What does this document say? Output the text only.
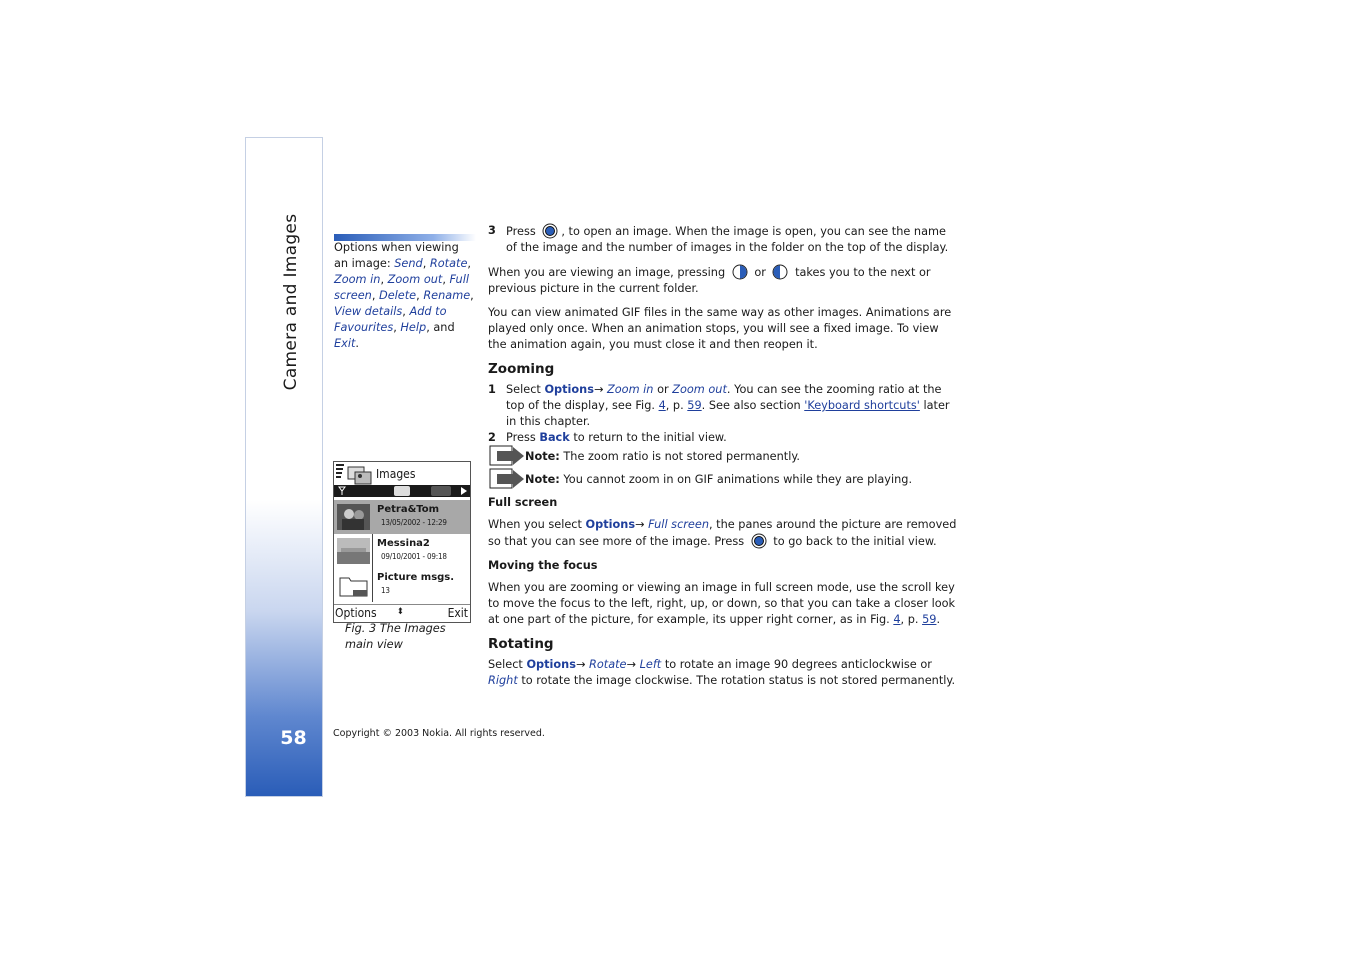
Camera and Images
58
Options when viewing an image: Send, Rotate, Zoom in, Zoom out, Full screen, Delete, Rename, View details, Add to Favourites, Help, and Exit.
Images
Petra&Tom
13/05/2002 - 12:29
Messina2
09/10/2001 - 09:18
Picture msgs.
13
Options ⬍	Exit
Fig. 3 The Images main view

3 Press , to open an image. When the image is open, you can see the name of the image and the number of images in the folder on the top of the display.

When you are viewing an image, pressing	or	takes you to the next or previous picture in the current folder.

You can view animated GIF files in the same way as other images. Animations are played only once. When an animation stops, you will see a fixed image. To view the animation again, you must close it and then reopen it.

Zooming

1 Select Options→ Zoom in or Zoom out. You can see the zooming ratio at the top of the display, see Fig. 4, p. 59. See also section 'Keyboard shortcuts' later in this chapter.

2 Press Back to return to the initial view.

Note: The zoom ratio is not stored permanently.
Note: You cannot zoom in on GIF animations while they are playing.
Full screen

When you select Options→ Full screen, the panes around the picture are removed so that you can see more of the image. Press	to go back to the initial view.

Moving the focus

When you are zooming or viewing an image in full screen mode, use the scroll key to move the focus to the left, right, up, or down, so that you can take a closer look at one part of the picture, for example, its upper right corner, as in Fig. 4, p. 59.

Rotating

Select Options→ Rotate→ Left to rotate an image 90 degrees anticlockwise or Right to rotate the image clockwise. The rotation status is not stored permanently.

Copyright © 2003 Nokia. All rights reserved.
